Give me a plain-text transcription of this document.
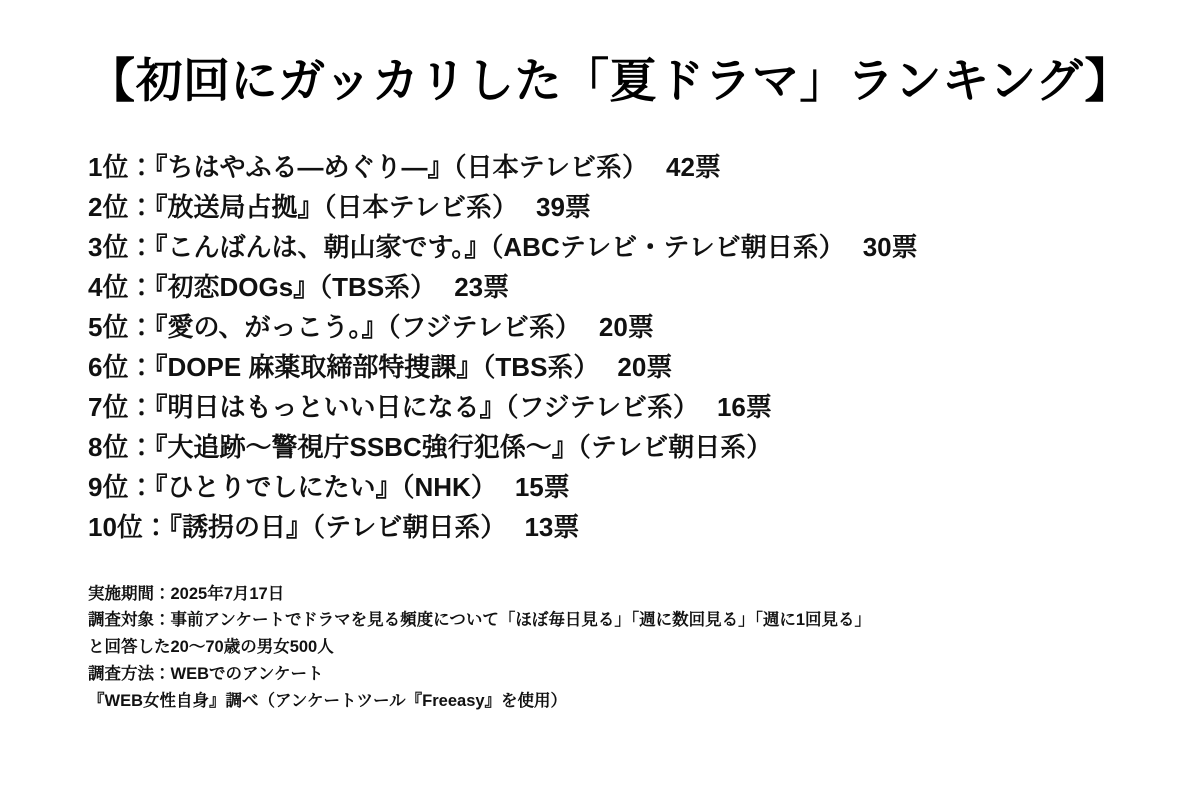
【初回にガッカリした「夏ドラマ」ランキング】
1位：『ちはやふる―めぐり―』（日本テレビ系） 42票
2位：『放送局占拠』（日本テレビ系） 39票
3位：『こんばんは、朝山家です。』（ABCテレビ・テレビ朝日系） 30票
4位：『初恋DOGs』（TBS系） 23票
5位：『愛の、がっこう。』（フジテレビ系） 20票
6位：『DOPE 麻薬取締部特捜課』（TBS系） 20票
7位：『明日はもっといい日になる』（フジテレビ系） 16票
8位：『大追跡〜警視庁SSBC強行犯係〜』（テレビ朝日系）
9位：『ひとりでしにたい』（NHK） 15票
10位：『誘拐の日』（テレビ朝日系） 13票
実施期間：2025年7月17日
調査対象：事前アンケートでドラマを見る頻度について「ほぼ毎日見る」「週に数回見る」「週に1回見る」
と回答した20〜70歳の男女500人
調査方法：WEBでのアンケート
『WEB女性自身』調べ（アンケートツール『Freeasy』を使用）
